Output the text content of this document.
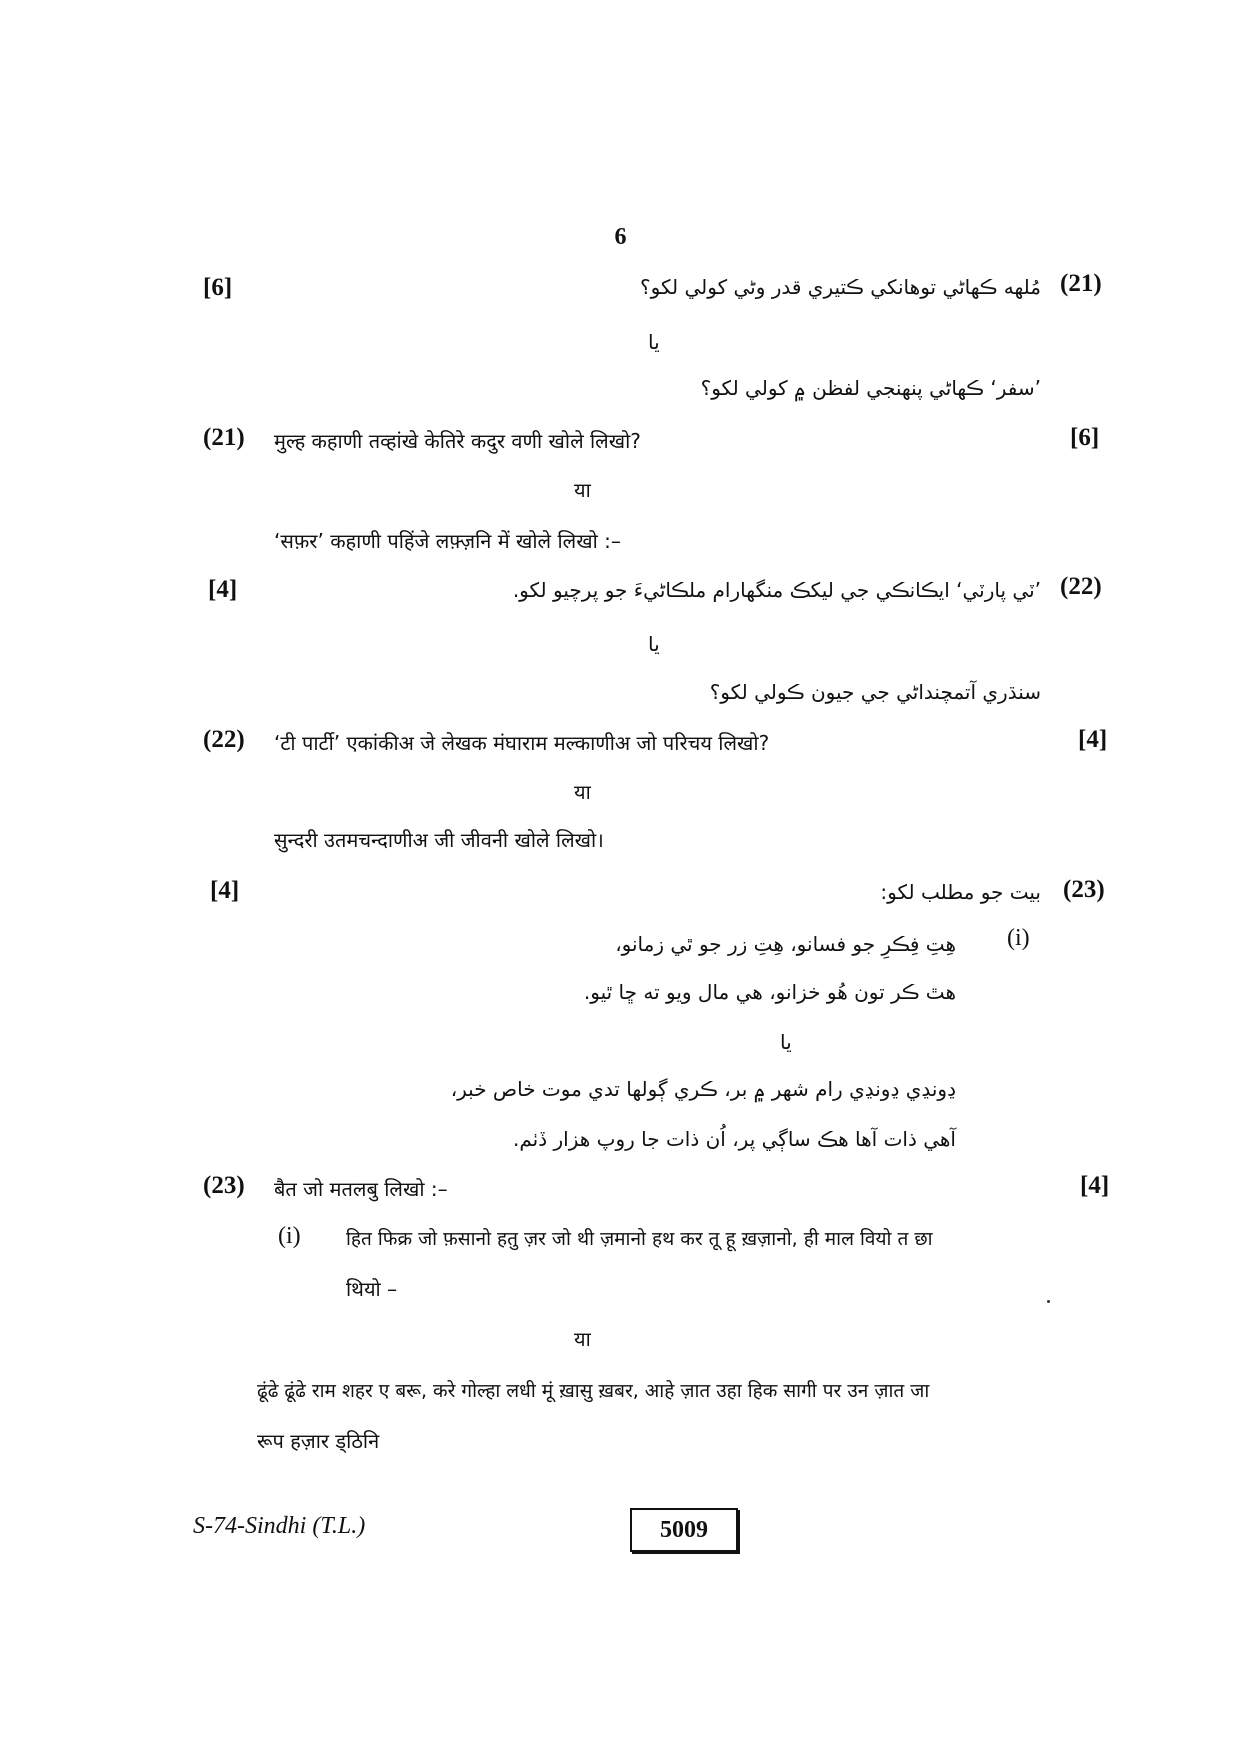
6
[6]	(21)
مُلهه ڪهاڻي توهانکي ڪتيري قدر وڻي کولي لکو؟
يا
’سفر‘ ڪهاڻي پنهنجي لفظن ۾ کولي لکو؟
(21) मुल्ह कहाणी तव्हांखे केतिरे कदुर वणी खोले लिखो?	[6]
या
‘सफ़र’ कहाणी पहिंजे लफ़्ज़नि में खोले लिखो :–
[4]	(22)
’ٽي پارٽي‘ ايڪانڪي جي ليکڪ منگهارام ملڪاڻيءَ جو پرچيو لکو.
يا
سنڌري آتمچنداڻي جي جيون ڪولي لکو؟
(22) ‘टी पार्टी’ एकांकीअ जे लेखक मंघाराम मल्काणीअ जो परिचय लिखो?	[4]
या
सुन्दरी उतमचन्दाणीअ जी जीवनी खोले लिखो।
[4]	(23)
بيت جو مطلب لکو:
(i)
هِتِ فِڪرِ جو فسانو، هِتِ زر جو ٿي زمانو،
هٿ ڪر تون هُو خزانو، هي مال ويو ته ڇا ٿيو.
يا
ڍونڍي ڍونڍي رام شهر ۾ بر، ڪري ڳولها تدي موت خاص خبر،
آهي ذات آها هڪ ساڳي پر، اُن ذات جا روپ هزار ڏٺم.
(23) बैत जो मतलबु लिखो :–	[4]
(i) हित फिक्र जो फ़सानो हतु ज़र जो थी ज़मानो हथ कर तू हू ख़ज़ानो, ही माल वियो त छा
थियो –
या
ढूंढे ढूंढे राम शहर ए बरू, करे गोल्हा लधी मूं ख़ासु ख़बर, आहे ज़ात उहा हिक सागी पर उन ज़ात जा
रूप हज़ार ड्ठिनि
S-74-Sindhi (T.L.)	5009
